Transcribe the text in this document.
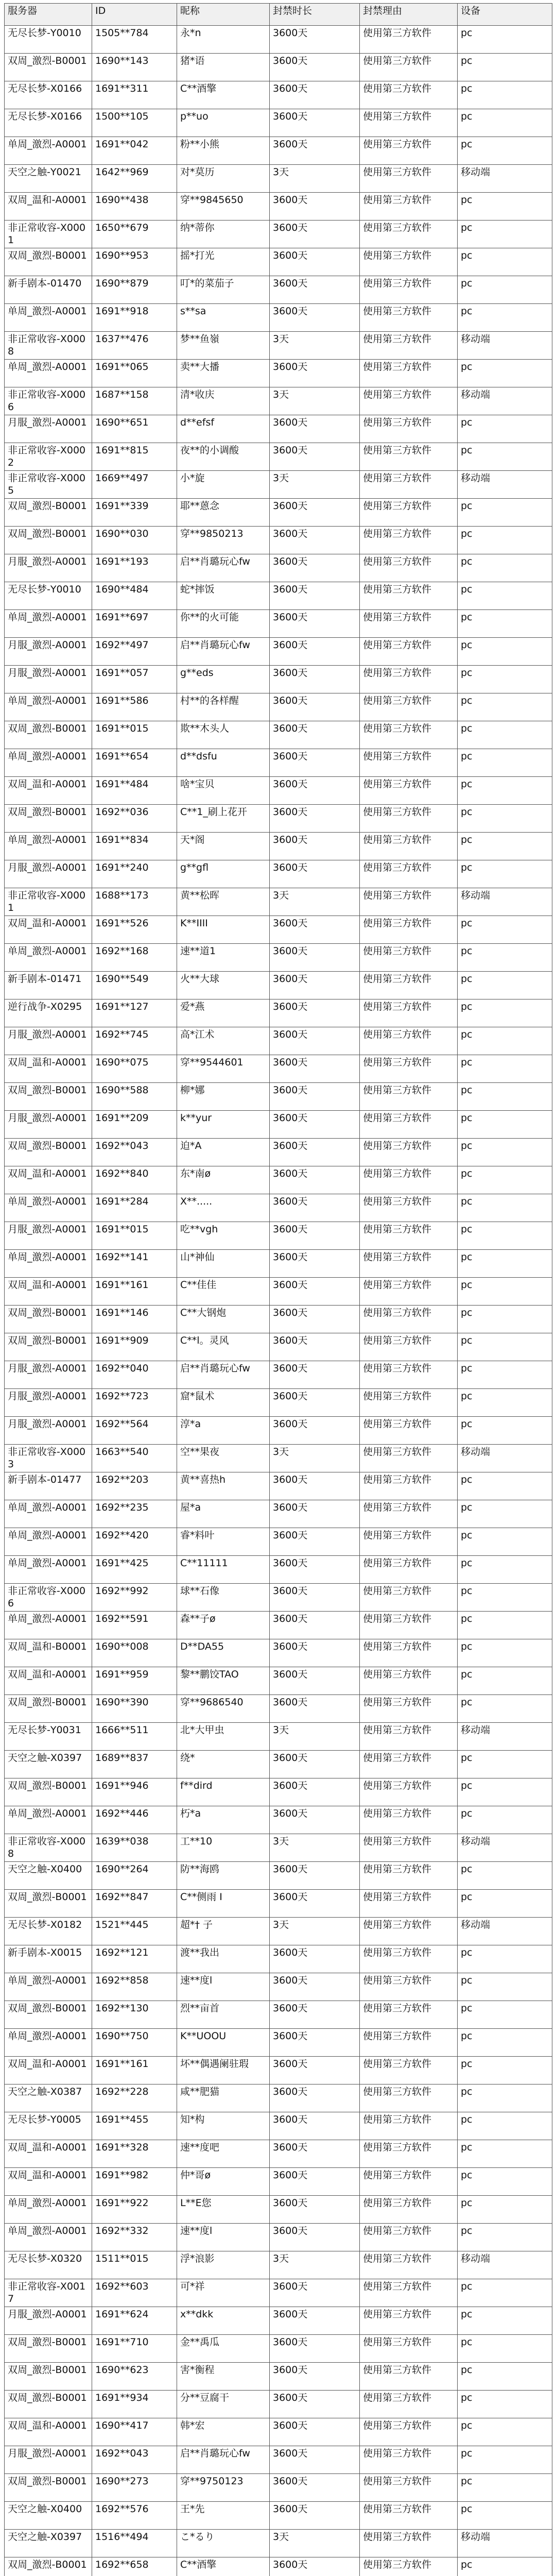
服务器	ID	昵称	封禁时长	封禁理由	设备
无尽长梦-Y0010	1505**784	永*n	3600天	使用第三方软件	pc
双周_激烈-B0001	1690**143	猪*语	3600天	使用第三方软件	pc
无尽长梦-X0166	1691**311	C**酒擎	3600天	使用第三方软件	pc
无尽长梦-X0166	1500**105	p**uo	3600天	使用第三方软件	pc
单周_激烈-A0001	1691**042	粉**小熊	3600天	使用第三方软件	pc
天空之触-Y0021	1642**969	对*莫历	3天	使用第三方软件	移动端
双周_温和-A0001	1690**438	穿**9845650	3600天	使用第三方软件	pc
非正常收容-X0001	1650**679	纳*蒂你	3600天	使用第三方软件	pc
双周_激烈-B0001	1690**953	摇*打光	3600天	使用第三方软件	pc
新手剧本-01470	1690**879	叮*的菜茄子	3600天	使用第三方软件	pc
单周_激烈-A0001	1691**918	s**sa	3600天	使用第三方软件	pc
非正常收容-X0008	1637**476	梦**鱼嶺	3天	使用第三方软件	移动端
单周_激烈-A0001	1691**065	卖**大播	3600天	使用第三方软件	pc
非正常收容-X0006	1687**158	清*收庆	3天	使用第三方软件	移动端
月服_激烈-A0001	1690**651	d**efsf	3600天	使用第三方软件	pc
非正常收容-X0002	1691**815	夜**的小调酸	3600天	使用第三方软件	pc
非正常收容-X0005	1669**497	小*旋	3天	使用第三方软件	移动端
双周_激烈-B0001	1691**339	耶**蒽念	3600天	使用第三方软件	pc
双周_激烈-B0001	1690**030	穿**9850213	3600天	使用第三方软件	pc
月服_激烈-A0001	1691**193	启**肖璐玩心fw	3600天	使用第三方软件	pc
无尽长梦-Y0010	1690**484	蛇*摔饭	3600天	使用第三方软件	pc
单周_激烈-A0001	1691**697	你**的火可能	3600天	使用第三方软件	pc
月服_激烈-A0001	1692**497	启**肖璐玩心fw	3600天	使用第三方软件	pc
月服_激烈-A0001	1691**057	g**eds	3600天	使用第三方软件	pc
单周_激烈-A0001	1691**586	村**的各样醒	3600天	使用第三方软件	pc
双周_激烈-B0001	1691**015	欺**木头人	3600天	使用第三方软件	pc
单周_激烈-A0001	1691**654	d**dsfu	3600天	使用第三方软件	pc
双周_温和-A0001	1691**484	啥*宝贝	3600天	使用第三方软件	pc
双周_激烈-B0001	1692**036	C**1_刷上花开	3600天	使用第三方软件	pc
单周_激烈-A0001	1691**834	天*阁	3600天	使用第三方软件	pc
月服_激烈-A0001	1691**240	g**gfl	3600天	使用第三方软件	pc
非正常收容-X0001	1688**173	黄**松晖	3天	使用第三方软件	移动端
双周_温和-A0001	1691**526	K**IIII	3600天	使用第三方软件	pc
单周_激烈-A0001	1692**168	速**道1	3600天	使用第三方软件	pc
新手剧本-01471	1690**549	火**大球	3600天	使用第三方软件	pc
逆行战争-X0295	1691**127	爱*燕	3600天	使用第三方软件	pc
月服_激烈-A0001	1692**745	高*江术	3600天	使用第三方软件	pc
双周_温和-A0001	1690**075	穿**9544601	3600天	使用第三方软件	pc
双周_激烈-B0001	1690**588	柳*娜	3600天	使用第三方软件	pc
月服_激烈-A0001	1691**209	k**yur	3600天	使用第三方软件	pc
双周_激烈-B0001	1692**043	迫*A	3600天	使用第三方软件	pc
双周_温和-A0001	1692**840	东*南ø	3600天	使用第三方软件	pc
单周_激烈-A0001	1691**284	X**.....	3600天	使用第三方软件	pc
月服_激烈-A0001	1691**015	吃**vgh	3600天	使用第三方软件	pc
单周_激烈-A0001	1692**141	山*神仙	3600天	使用第三方软件	pc
双周_温和-A0001	1691**161	C**佳佳	3600天	使用第三方软件	pc
双周_激烈-B0001	1691**146	C**大钢炮	3600天	使用第三方软件	pc
双周_激烈-B0001	1691**909	C**l。灵风	3600天	使用第三方软件	pc
月服_激烈-A0001	1692**040	启**肖璐玩心fw	3600天	使用第三方软件	pc
月服_激烈-A0001	1692**723	窟*鼠术	3600天	使用第三方软件	pc
月服_激烈-A0001	1692**564	淳*a	3600天	使用第三方软件	pc
非正常收容-X0003	1663**540	空**果夜	3天	使用第三方软件	移动端
新手剧本-01477	1692**203	黄**喜热h	3600天	使用第三方软件	pc
单周_激烈-A0001	1692**235	屋*a	3600天	使用第三方软件	pc
单周_激烈-A0001	1692**420	睿*料叶	3600天	使用第三方软件	pc
单周_激烈-A0001	1691**425	C**11111	3600天	使用第三方软件	pc
非正常收容-X0006	1692**992	球**石像	3600天	使用第三方软件	pc
单周_激烈-A0001	1692**591	森**子ø	3600天	使用第三方软件	pc
双周_温和-B0001	1690**008	D**DA55	3600天	使用第三方软件	pc
双周_温和-A0001	1691**959	黎**鹏饺TAO	3600天	使用第三方软件	pc
双周_激烈-B0001	1690**390	穿**9686540	3600天	使用第三方软件	pc
无尽长梦-Y0031	1666**511	北*大甲虫	3天	使用第三方软件	移动端
天空之触-X0397	1689**837	绕*	3600天	使用第三方软件	pc
双周_激烈-B0001	1691**946	f**dird	3600天	使用第三方软件	pc
单周_激烈-A0001	1692**446	朽*a	3600天	使用第三方软件	pc
非正常收容-X0008	1639**038	工**10	3天	使用第三方软件	移动端
天空之触-X0400	1690**264	防**海鸥	3600天	使用第三方软件	pc
双周_激烈-B0001	1692**847	C**侧雨 I	3600天	使用第三方软件	pc
无尽长梦-X0182	1521**445	超*† 子	3天	使用第三方软件	移动端
新手剧本-X0015	1692**121	渡**我出	3600天	使用第三方软件	pc
单周_激烈-A0001	1692**858	速**度l	3600天	使用第三方软件	pc
双周_激烈-B0001	1692**130	烈**亩首	3600天	使用第三方软件	pc
单周_激烈-A0001	1690**750	K**UOOU	3600天	使用第三方软件	pc
双周_温和-A0001	1691**161	坏**偶遇阑驻瑕	3600天	使用第三方软件	pc
天空之触-X0387	1692**228	咸**肥猫	3600天	使用第三方软件	pc
无尽长梦-Y0005	1691**455	知*构	3600天	使用第三方软件	pc
双周_温和-A0001	1691**328	速**度吧	3600天	使用第三方软件	pc
双周_温和-A0001	1691**982	仲*哥ø	3600天	使用第三方软件	pc
单周_激烈-A0001	1691**922	L**E您	3600天	使用第三方软件	pc
单周_激烈-A0001	1692**332	速**度l	3600天	使用第三方软件	pc
无尽长梦-X0320	1511**015	浮*浪影	3天	使用第三方软件	移动端
非正常收容-X0017	1692**603	可*祥	3600天	使用第三方软件	pc
月服_激烈-A0001	1691**624	x**dkk	3600天	使用第三方软件	pc
双周_激烈-B0001	1691**710	金**禹瓜	3600天	使用第三方软件	pc
双周_激烈-B0001	1690**623	害*衡程	3600天	使用第三方软件	pc
双周_激烈-B0001	1691**934	分**豆腐干	3600天	使用第三方软件	pc
双周_温和-A0001	1690**417	韩*宏	3600天	使用第三方软件	pc
月服_激烈-A0001	1692**043	启**肖璐玩心fw	3600天	使用第三方软件	pc
双周_激烈-B0001	1690**273	穿**9750123	3600天	使用第三方软件	pc
天空之触-X0400	1692**576	王*先	3600天	使用第三方软件	pc
天空之触-X0397	1516**494	こ*るり	3天	使用第三方软件	移动端
双周_激烈-B0001	1692**658	C**酒擎	3600天	使用第三方软件	pc
